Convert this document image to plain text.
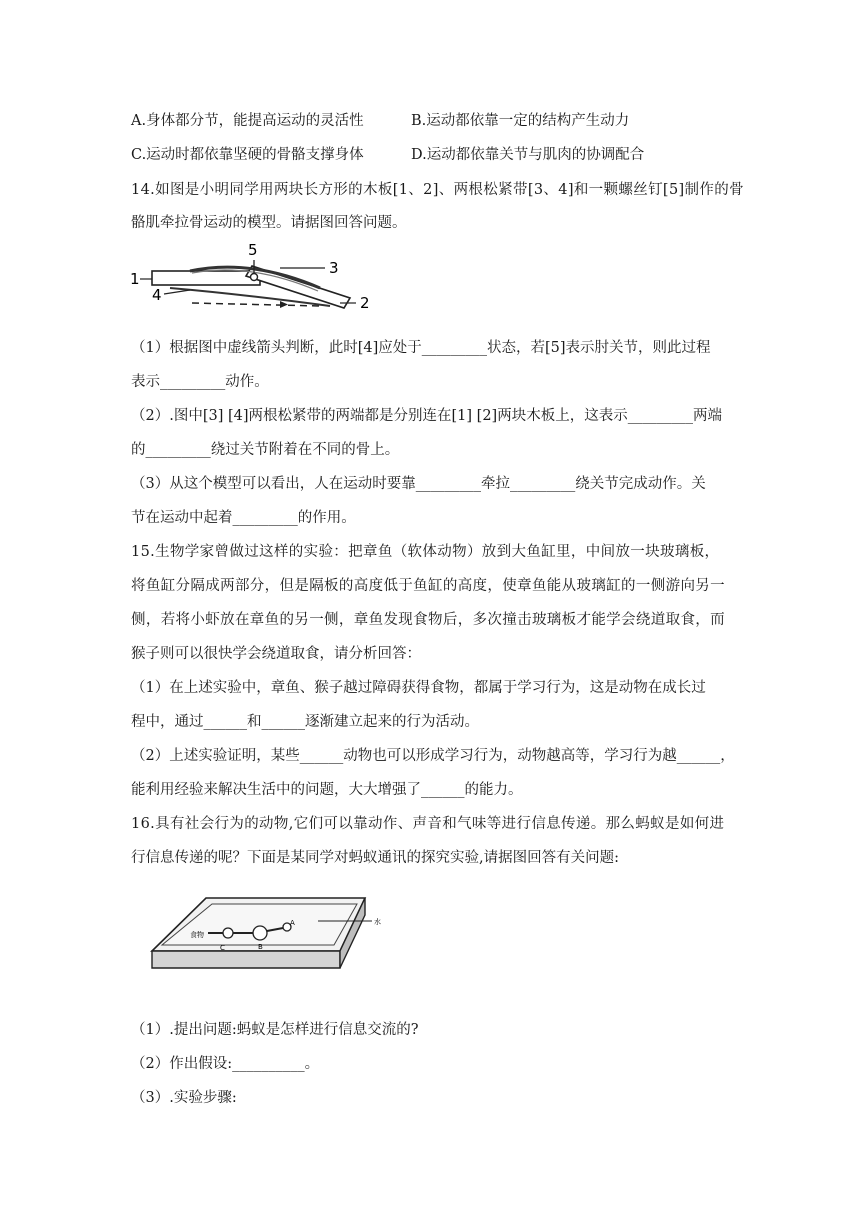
A.身体都分节，能提高运动的灵活性	B.运动都依靠一定的结构产生动力
C.运动时都依靠坚硬的骨骼支撑身体	D.运动都依靠关节与肌肉的协调配合
14.如图是小明同学用两块长方形的木板[1、2]、两根松紧带[3、4]和一颗螺丝钉[5]制作的骨
骼肌牵拉骨运动的模型。请据图回答问题。
1
5
3
4	2
（1）根据图中虚线箭头判断，此时[4]应处于_________状态，若[5]表示肘关节，则此过程
表示_________动作。
（2）.图中[3] [4]两根松紧带的两端都是分别连在[1] [2]两块木板上，这表示_________两端
的_________绕过关节附着在不同的骨上。
（3）从这个模型可以看出，人在运动时要靠_________牵拉_________绕关节完成动作。关
节在运动中起着_________的作用。
15.生物学家曾做过这样的实验：把章鱼（软体动物）放到大鱼缸里，中间放一块玻璃板，
将鱼缸分隔成两部分，但是隔板的高度低于鱼缸的高度，使章鱼能从玻璃缸的一侧游向另一
侧，若将小虾放在章鱼的另一侧，章鱼发现食物后，多次撞击玻璃板才能学会绕道取食，而
猴子则可以很快学会绕道取食，请分析回答：
（1）在上述实验中，章鱼、猴子越过障碍获得食物，都属于学习行为，这是动物在成长过
程中，通过______和______逐渐建立起来的行为活动。
（2）上述实验证明，某些______动物也可以形成学习行为，动物越高等，学习行为越______，
能利用经验来解决生活中的问题，大大增强了______的能力。
16.具有社会行为的动物,它们可以靠动作、声音和气味等进行信息传递。那么蚂蚁是如何进
行信息传递的呢？下面是某同学对蚂蚁通讯的探究实验,请据图回答有关问题:
食物
C	B
A	水
（1）.提出问题:蚂蚁是怎样进行信息交流的?
（2）作出假设:__________。
（3）.实验步骤:
